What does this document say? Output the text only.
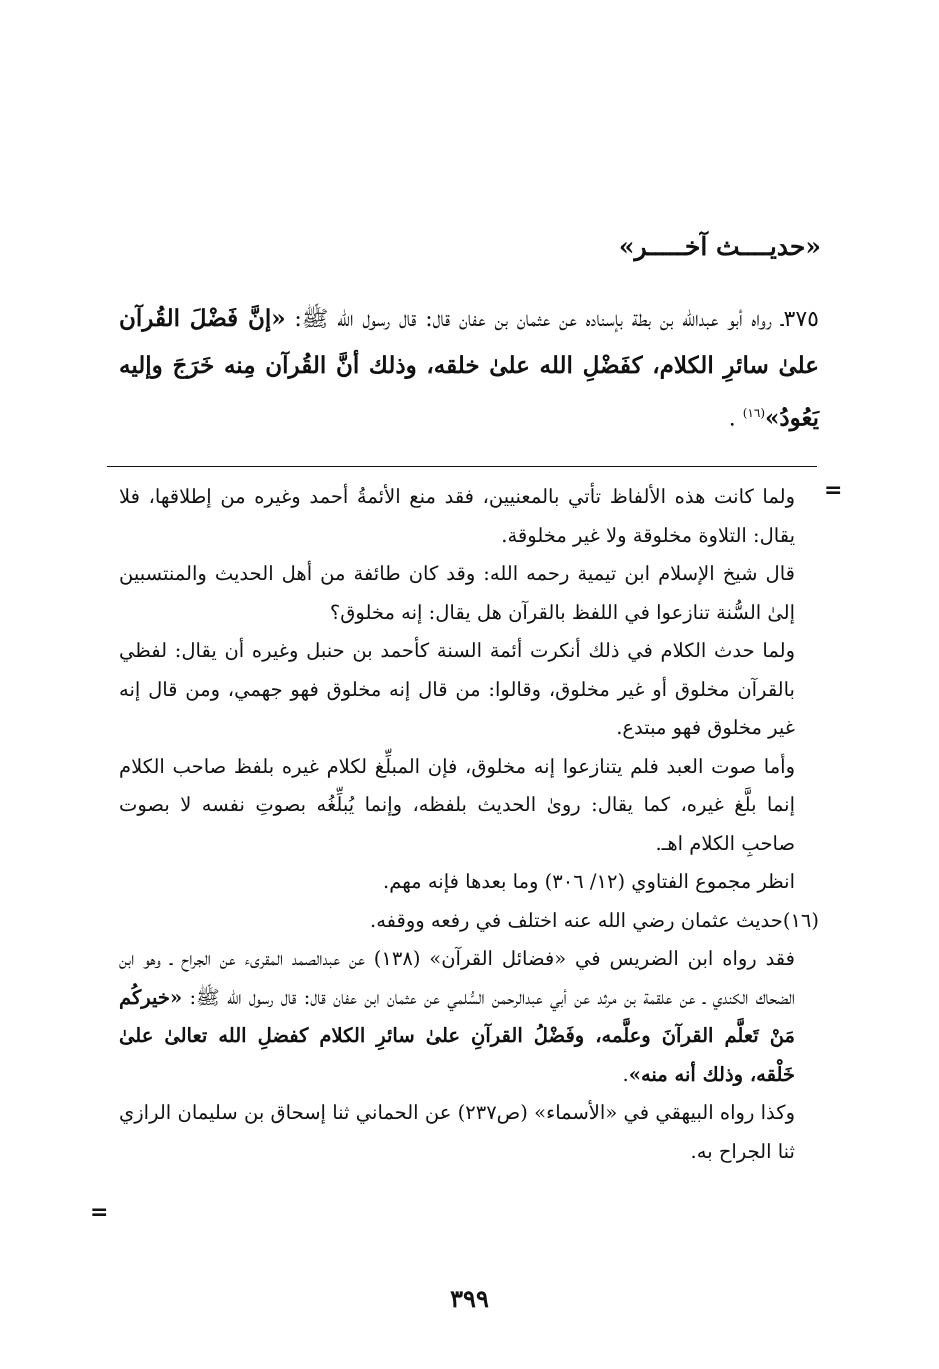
«حديــــث آخـــــر»
٣٧٥ـ رواه أبو عبدالله بن بطة بإسناده عن عثمان بن عفان قال: قال رسول الله ﷺ: «إنَّ فَضْلَ القُرآن علىٰ سائرِ الكلام، كفَضْلِ الله علىٰ خلقه، وذلك أنَّ القُرآن مِنه خَرَجَ وإليه يَعُودُ»$^{(١٦)}$ .
=

ولما كانت هذه الألفاظ تأتي بالمعنيين، فقد منع الأئمةُ أحمد وغيره من إطلاقها، فلا يقال: التلاوة مخلوقة ولا غير مخلوقة.

قال شيخ الإسلام ابن تيمية رحمه الله: وقد كان طائفة من أهل الحديث والمنتسبين إلىٰ السُّنة تنازعوا في اللفظ بالقرآن هل يقال: إنه مخلوق؟

ولما حدث الكلام في ذلك أنكرت أئمة السنة كأحمد بن حنبل وغيره أن يقال: لفظي بالقرآن مخلوق أو غير مخلوق، وقالوا: من قال إنه مخلوق فهو جهمي، ومن قال إنه غير مخلوق فهو مبتدع.

وأما صوت العبد فلم يتنازعوا إنه مخلوق، فإن المبلِّغ لكلام غيره بلفظ صاحب الكلام إنما بلَّغ غيره، كما يقال: روىٰ الحديث بلفظه، وإنما يُبلِّغُه بصوتِ نفسه لا بصوت صاحبِ الكلام اهـ.

انظر مجموع الفتاوي (١٢/ ٣٠٦) وما بعدها فإنه مهم.

(١٦)حديث عثمان رضي الله عنه اختلف في رفعه ووقفه.

فقد رواه ابن الضريس في «فضائل القرآن» (١٣٨) عن عبدالصمد المقرىء عن الجراح ـ وهو ابن الضحاك الكندي ـ عن علقمة بن مرثد عن أبي عبدالرحمن السُّلمي عن عثمان ابن عفان قال: قال رسول الله ﷺ: «خيركُم مَنْ تَعلَّم القرآنَ وعلَّمه، وفَضْلُ القرآنِ علىٰ سائرِ الكلام كفضلِ الله تعالىٰ علىٰ خَلْقه، وذلك أنه منه».

وكذا رواه البيهقي في «الأسماء» (ص٢٣٧) عن الحماني ثنا إسحاق بن سليمان الرازي ثنا الجراح به.

=
٣٩٩
